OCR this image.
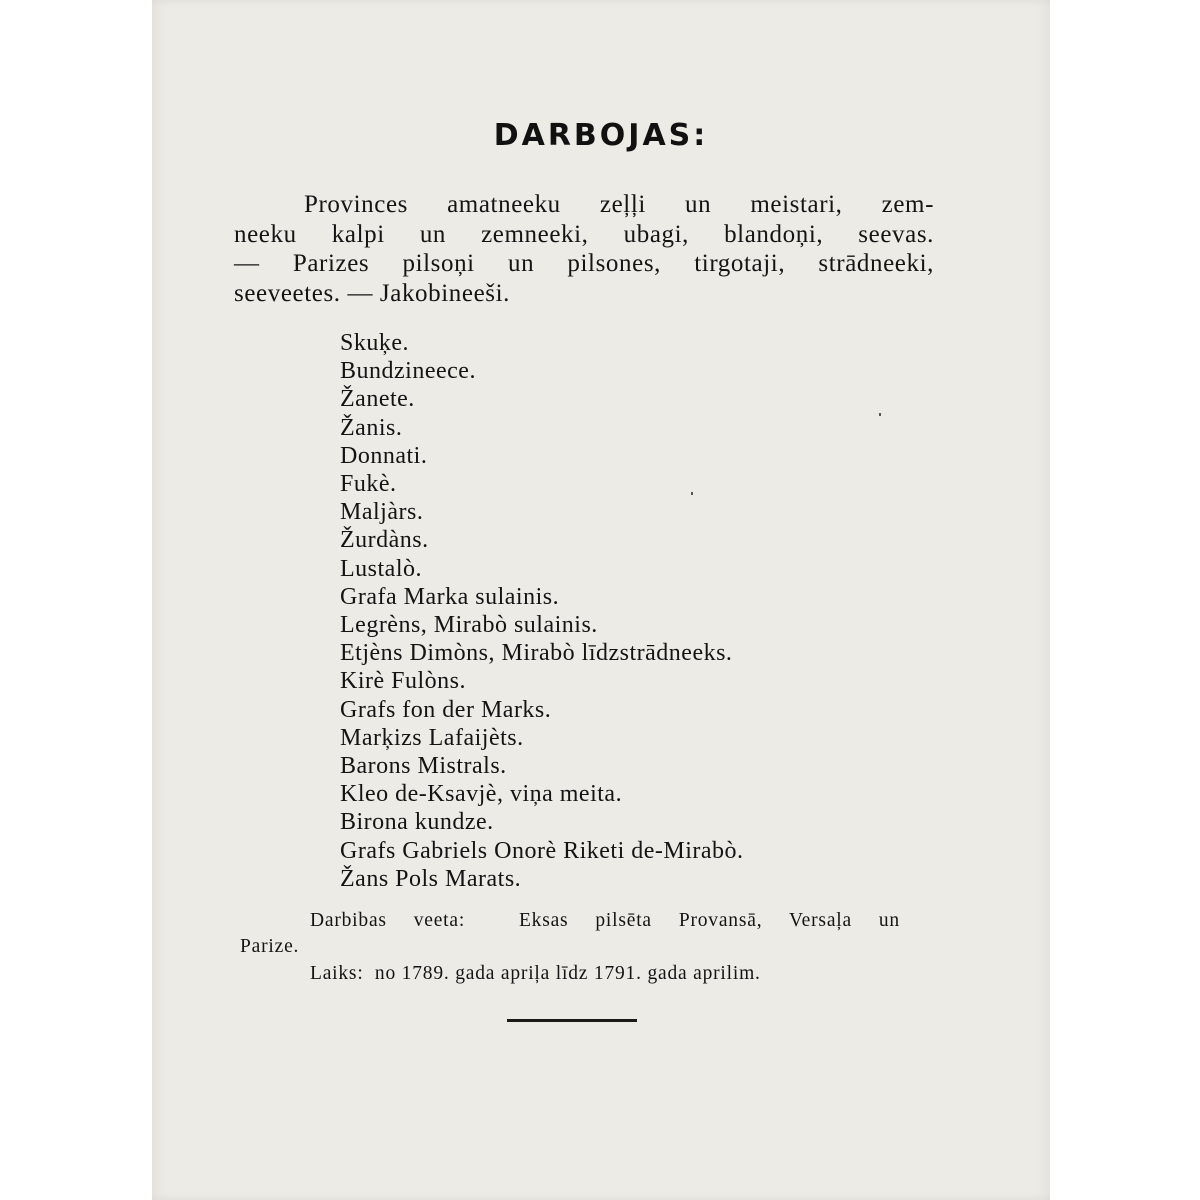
DARBOJAS:
Provinces amatneeku zeļļi un meistari, zem-
neeku kalpi un zemneeki, ubagi, blandoņi, seevas.
— Parizes pilsoņi un pilsones, tirgotaji, strādneeki,
seeveetes. — Jakobineeši.
Skuķe.
Bundzineece.
Žanete.
Žanis.
Donnati.
Fukè.
Maljàrs.
Žurdàns.
Lustalò.
Grafa Marka sulainis.
Legrèns, Mirabò sulainis.
Etjèns Dimòns, Mirabò līdzstrādneeks.
Kirè Fulòns.
Grafs fon der Marks.
Marķizs Lafaijèts.
Barons Mistrals.
Kleo de-Ksavjè, viņa meita.
Birona kundze.
Grafs Gabriels Onorè Riketi de-Mirabò.
Žans Pols Marats.
Darbibas veeta:	Eksas pilsēta Provansā, Versaļa un
Parize.
Laiks: no 1789. gada apriļa līdz 1791. gada aprilim.
